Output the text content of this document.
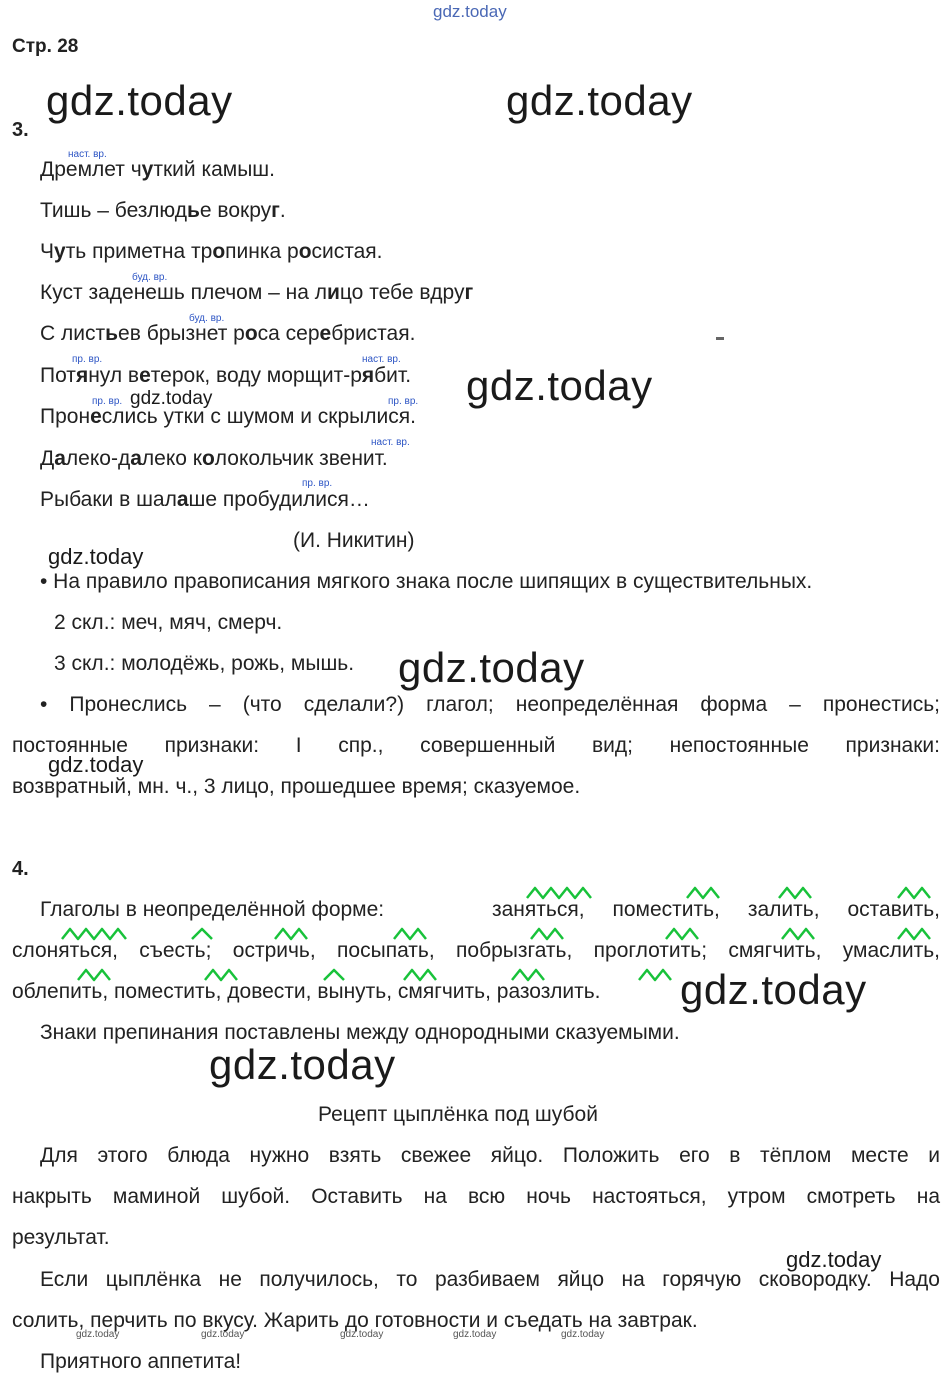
gdz.today
Стр. 28
gdz.today	gdz.today
3.
наст. вр.
буд. вр.
буд. вр.
пр. вр.	наст. вр.
пр. вр.	пр. вр.
наст. вр.
пр. вр.
Дремлет чуткий камыш.
Тишь – безлюдье вокруг.
Чуть приметна тропинка росистая.
Куст заденешь плечом – на лицо тебе вдруг
С листьев брызнет роса серебристая.
Потянул ветерок, воду морщит-рябит.
Пронеслись утки с шумом и скрылися.
Далеко-далеко колокольчик звенит.
Рыбаки в шалаше пробудилися…
gdz.today
gdz.today
(И. Никитин)
gdz.today
• На правило правописания мягкого знака после шипящих в существительных.
2 скл.: меч, мяч, смерч.
3 скл.: молодёжь, рожь, мышь. gdz.today
• Пронеслись – (что сделали?) глагол; неопределённая форма – пронестись;
постоянные признаки: I спр., совершенный вид; непостоянные признаки:
gdz.today
возвратный, мн. ч., 3 лицо, прошедшее время; сказуемое.
4.
Глаголы в неопределённой форме:	заняться, поместить, залить, оставить,
слоняться, съесть; остричь, посыпать, побрызгать, проглотить; смягчить, умаслить,
облепить, поместить, довести, вынуть, смягчить, разозлить. gdz.today
Знаки препинания поставлены между однородными сказуемыми.
gdz.today
Рецепт цыплёнка под шубой
Для этого блюда нужно взять свежее яйцо. Положить его в тёплом месте и
накрыть маминой шубой. Оставить на всю ночь настояться, утром смотреть на
результат.
gdz.today
Если цыплёнка не получилось, то разбиваем яйцо на горячую сковородку. Надо
солить, перчить по вкусу. Жарить до готовности и съедать на завтрак.
gdz.today	gdz.today	gdz.today	gdz.today	gdz.today
Приятного аппетита!
